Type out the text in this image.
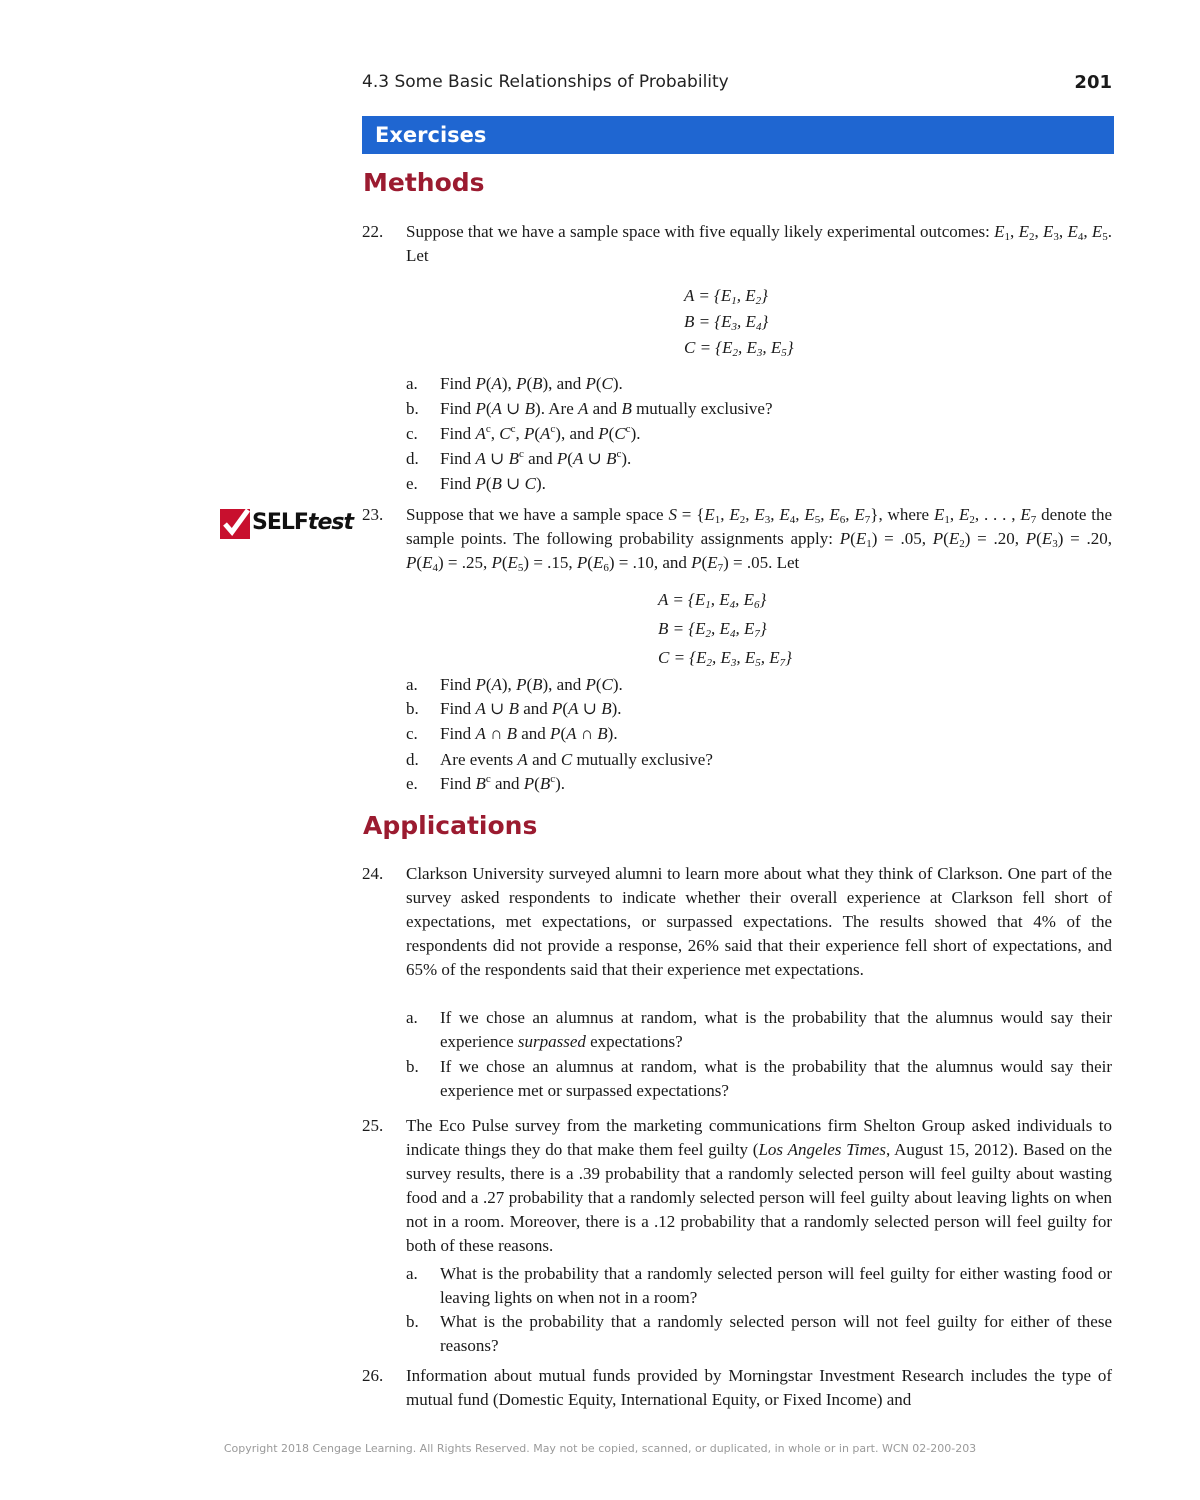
4.3 Some Basic Relationships of Probability	201
Exercises
Methods
22. Suppose that we have a sample space with five equally likely experimental outcomes: $E_1$, $E_2$, $E_3$, $E_4$, $E_5$. Let
$A = \{E_1$, $E_2$}
$B = \{E_3$, $E_4$}
$C = \{E_2$, $E_3$, $E_5$}
a. Find P(A), P(B), and P(C).
b. Find P(A ∪ B). Are A and B mutually exclusive?
c. Find $A^c$, $C^c$, $P(A^c)$, and $P(C^c)$.
d. Find A ∪ $B^c$ and P(A ∪ $B^c$).
e. Find P(B ∪ C).
SELFtest 23. Suppose that we have a sample space $S = \{E_1$, $E_2$, $E_3$, $E_4$, $E_5$, $E_6$, $E_7$}, where $E_1$, $E_2$, . . . , $E_7$ denote the sample points. The following probability assignments apply: $P(E_1) = .05$, $P(E_2) = .20$, $P(E_3) = .20$, $P(E_4) = .25$, $P(E_5) = .15$, $P(E_6) = .10$, and $P(E_7) = .05$. Let
$A = \{E_1$, $E_4$, $E_6$}
$B = \{E_2$, $E_4$, $E_7$}
$C = \{E_2$, $E_3$, $E_5$, $E_7$}
a. Find P(A), P(B), and P(C).
b. Find A ∪ B and P(A ∪ B).
c. Find A ∩ B and P(A ∩ B).
d. Are events A and C mutually exclusive?
e. Find $B^c$ and $P(B^c)$.
Applications
24. Clarkson University surveyed alumni to learn more about what they think of Clarkson. One part of the survey asked respondents to indicate whether their overall experience at Clarkson fell short of expectations, met expectations, or surpassed expectations. The results showed that 4% of the respondents did not provide a response, 26% said that their experience fell short of expectations, and 65% of the respondents said that their experience met expectations.
a. If we chose an alumnus at random, what is the probability that the alumnus would say their experience surpassed expectations?
b. If we chose an alumnus at random, what is the probability that the alumnus would say their experience met or surpassed expectations?
25. The Eco Pulse survey from the marketing communications firm Shelton Group asked individuals to indicate things they do that make them feel guilty (Los Angeles Times, August 15, 2012). Based on the survey results, there is a .39 probability that a randomly selected person will feel guilty about wasting food and a .27 probability that a randomly selected person will feel guilty about leaving lights on when not in a room. Moreover, there is a .12 probability that a randomly selected person will feel guilty for both of these reasons.
a. What is the probability that a randomly selected person will feel guilty for either wasting food or leaving lights on when not in a room?
b. What is the probability that a randomly selected person will not feel guilty for either of these reasons?
26. Information about mutual funds provided by Morningstar Investment Research includes the type of mutual fund (Domestic Equity, International Equity, or Fixed Income) and
Copyright 2018 Cengage Learning. All Rights Reserved. May not be copied, scanned, or duplicated, in whole or in part. WCN 02-200-203
